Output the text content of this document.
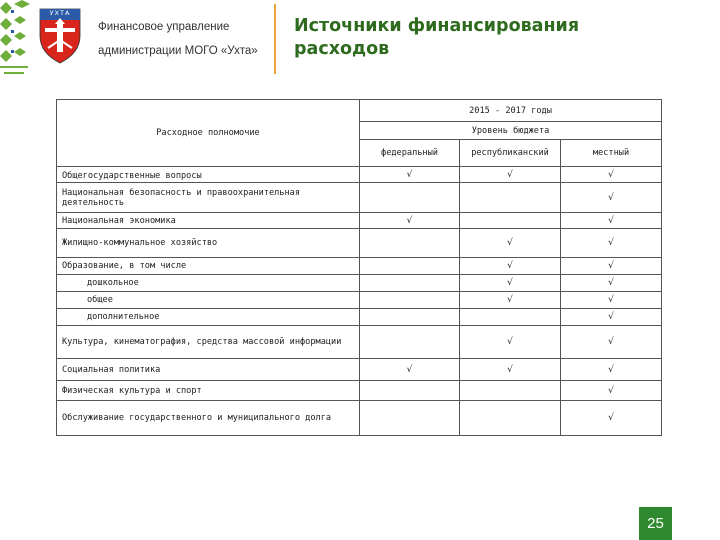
УХТА
Финансовое управление
администрации МОГО «Ухта»
Источники финансирования расходов
Расходное полномочие	2015 - 2017 годы		
	Уровень бюджета		
	федеральный	республиканский	местный
Общегосударственные вопросы	√	√	√
Национальная безопасность и правоохранительная деятельность			√
Национальная экономика	√		√
Жилищно-коммунальное хозяйство		√	√
Образование, в том числе		√	√
дошкольное		√	√
общее		√	√
дополнительное			√
Культура, кинематография, средства массовой информации		√	√
Социальная политика	√	√	√
Физическая культура и спорт			√
Обслуживание государственного и муниципального долга			√
25
